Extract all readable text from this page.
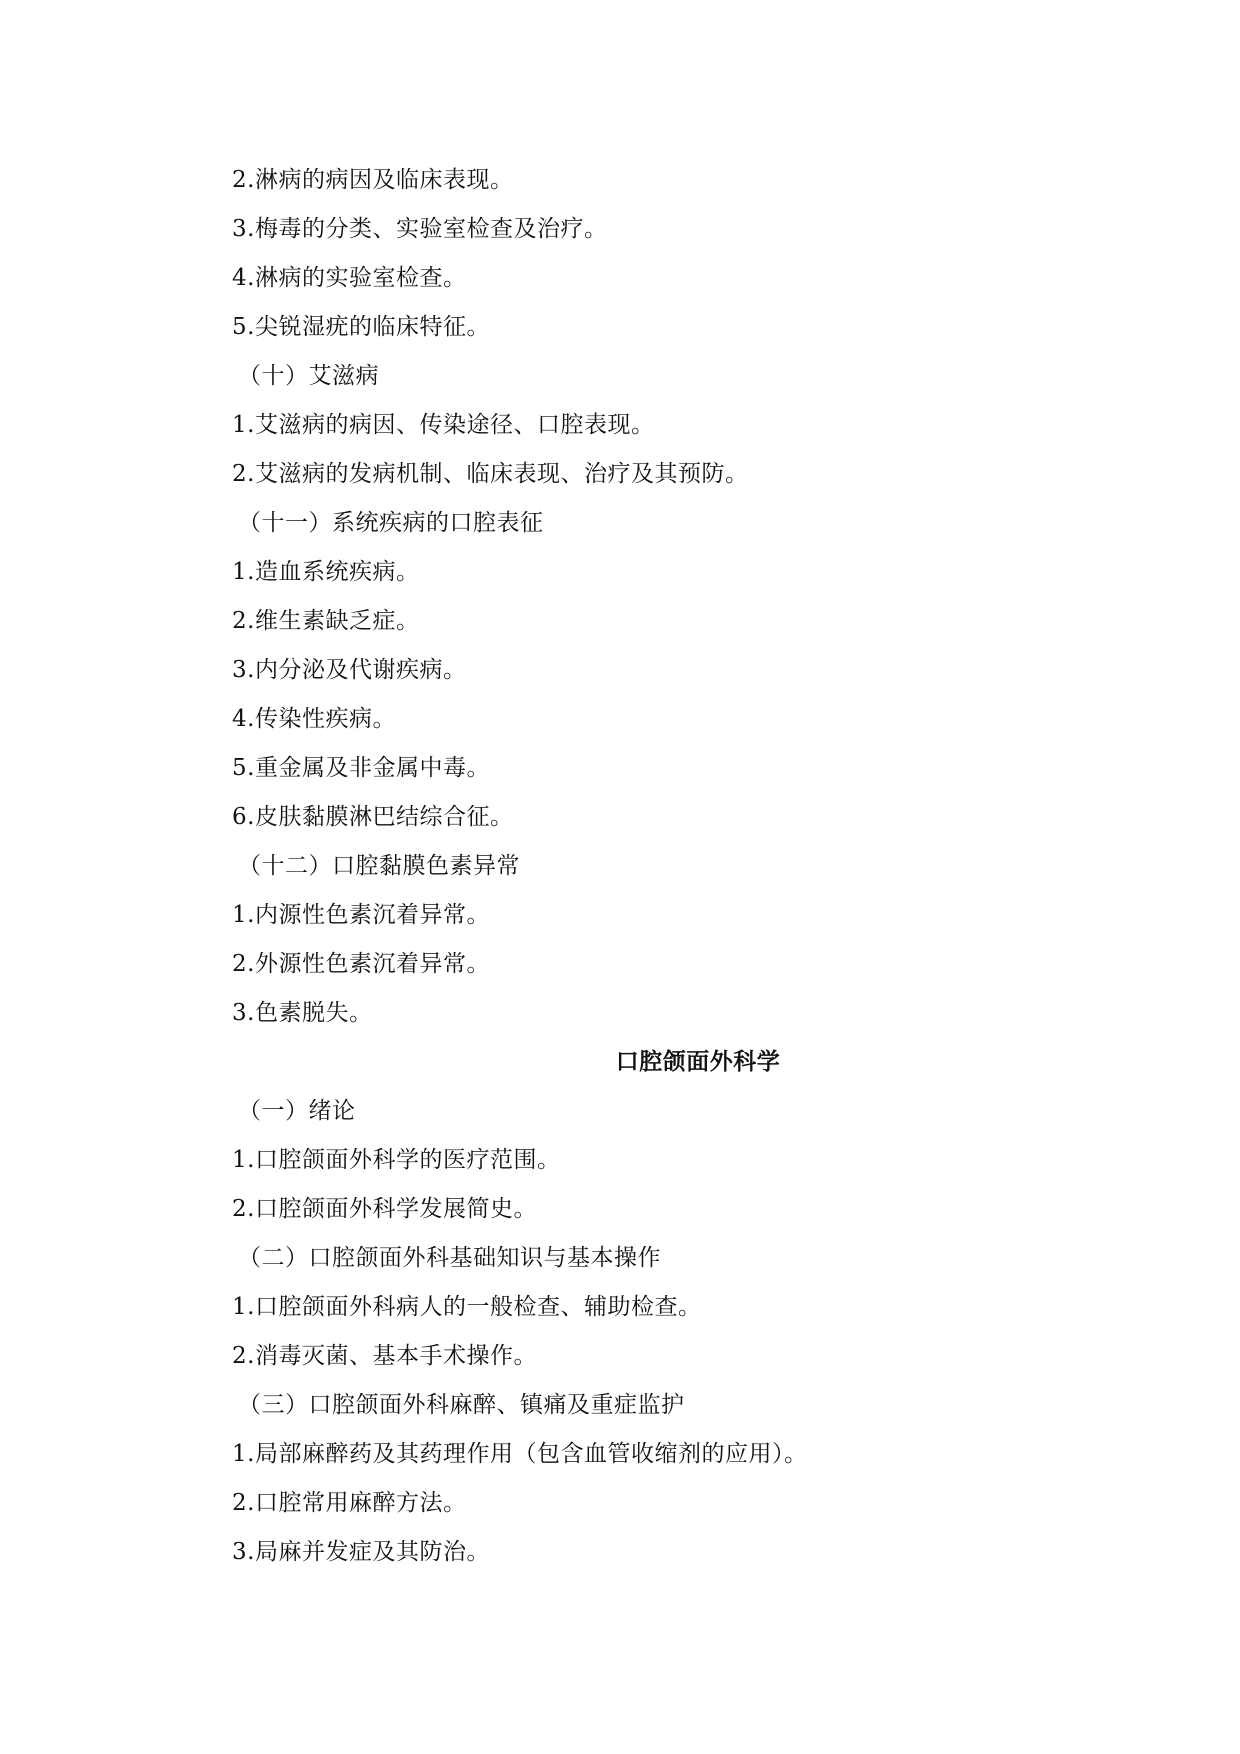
2.淋病的病因及临床表现。
3.梅毒的分类、实验室检查及治疗。
4.淋病的实验室检查。
5.尖锐湿疣的临床特征。
（十）艾滋病
1.艾滋病的病因、传染途径、口腔表现。
2.艾滋病的发病机制、临床表现、治疗及其预防。
（十一）系统疾病的口腔表征
1.造血系统疾病。
2.维生素缺乏症。
3.内分泌及代谢疾病。
4.传染性疾病。
5.重金属及非金属中毒。
6.皮肤黏膜淋巴结综合征。
（十二）口腔黏膜色素异常
1.内源性色素沉着异常。
2.外源性色素沉着异常。
3.色素脱失。
口腔颌面外科学
（一）绪论
1.口腔颌面外科学的医疗范围。
2.口腔颌面外科学发展简史。
（二）口腔颌面外科基础知识与基本操作
1.口腔颌面外科病人的一般检查、辅助检查。
2.消毒灭菌、基本手术操作。
（三）口腔颌面外科麻醉、镇痛及重症监护
1.局部麻醉药及其药理作用（包含血管收缩剂的应用）。
2.口腔常用麻醉方法。
3.局麻并发症及其防治。
